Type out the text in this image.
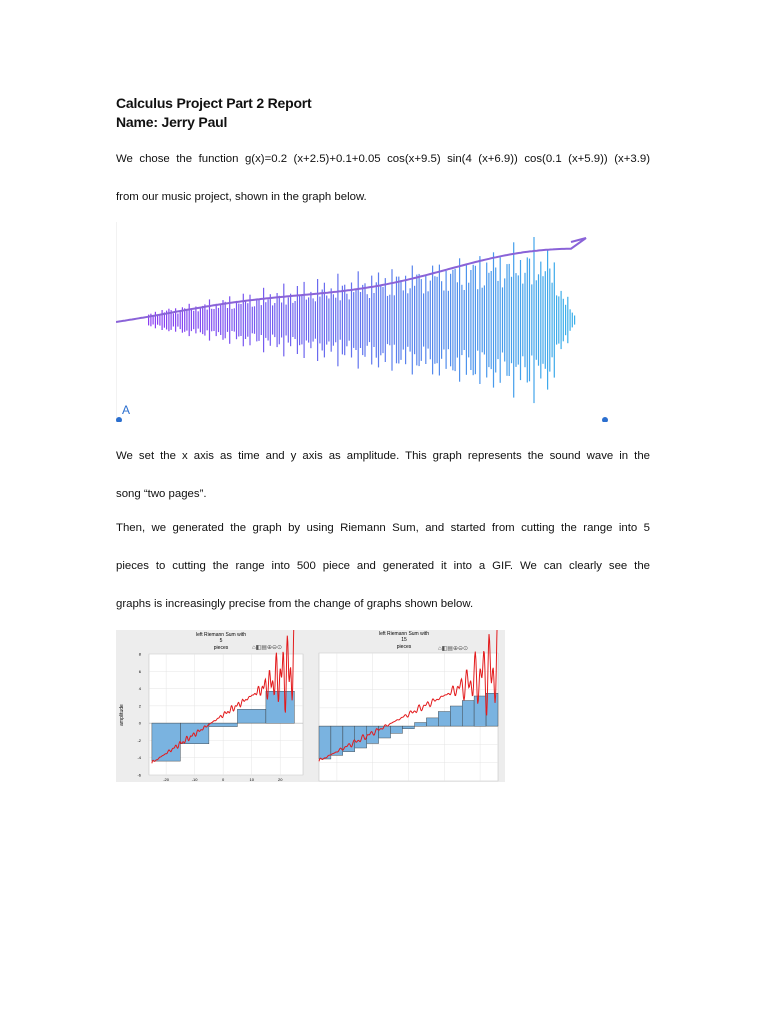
Calculus Project Part 2 Report
Name: Jerry Paul

We chose the function g(x)=0.2 (x+2.5)+0.1+0.05 cos(x+9.5) sin(4 (x+6.9)) cos(0.1 (x+5.9)) (x+3.9)

from our music project, shown in the graph below.

A

We set the x axis as time and y axis as amplitude. This graph represents the sound wave in the

song “two pages”.

Then, we generated the graph by using Riemann Sum, and started from cutting the range into 5

pieces to cutting the range into 500 piece and generated it into a GIF. We can clearly see the

graphs is increasingly precise from the change of graphs shown below.

left Riemann Sum with
5
pieces	⌂◧▤⊕⊖⊙
-6
-4
-2
0
2
4
6
8
-20	-10	0	10	20
amplitude
left Riemann Sum with
15
pieces	⌂◧▤⊕⊖⊙
